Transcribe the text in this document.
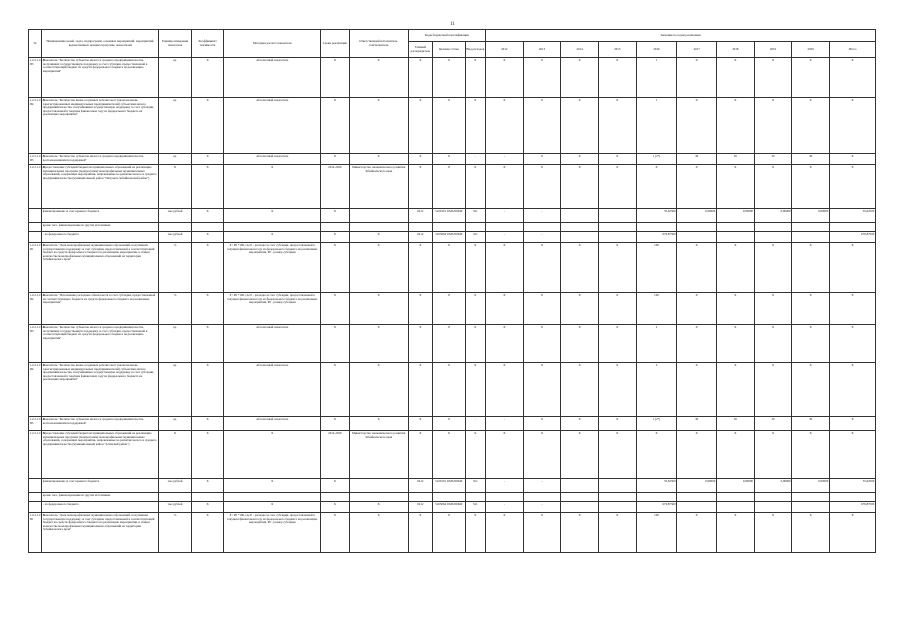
11
№	Наименование целей, задач, подпрограмм, основных мероприятий, мероприятий, ведомственных целевых программ, показателей	Единица измерения показателя	Коэффициент значимости	Методика расчета показателя	Сроки реализации	Ответственный исполнитель, соисполнитель	Коды бюджетной классификации			Значения по годам реализации									
							Главный распорядитель	Целевая статья	Вид расходов	2012	2013	2014	2015	2016	2017	2018	2019	2020	Итого
1.2.2.1.15.3 П3	Показатель "Количество субъектов малого и среднего предпринимательства, получивших государственную поддержку за счет субсидии, предоставленной в соответствующий бюджет из средств федерального бюджета на реализацию мероприятия"	ед.	X	Абсолютный показатель	X	X	X	X	X	X	X	X	X	1	X	X	X	X	X
1.2.2.1.15.3 П4	Показатель "Количество вновь созданных рабочих мест (включая вновь зарегистрированных индивидуальных предпринимателей) субъектами малого предпринимательства, получившими государственную поддержку за счет субсидии, предоставленной в текущем финансовом году из федерального бюджета на реализацию мероприятия"	ед.	X	Абсолютный показатель	X	X	X	X	X	X	X	X	X	1	X	X	X	X	X
1.2.2.1.15.3 П5	Показатель "Количество субъектов малого и среднего предпринимательства, воспользовавшихся поддержкой"	ед.	X	Абсолютный показатель	X	X	X	X	-	-	X	X	X	1 (2*)	30	30	30	30	X
1.2.2.1.15.4	Предоставление субсидий бюджетам муниципальных образований на реализацию муниципальных программ (подпрограмм) монопрофильных муниципальных образований, содержащих мероприятия, направленные на развитие малого и среднего предпринимательства (муниципальный район "Петровск-Забайкальский район")	X	X	X	2014-2020	Министерство экономического развития Забайкальского края	X	X	X	X	X	X	X	X	X	X	X	X	X
	финансирование за счет краевого бюджета	тыс.рублей	X	X	X		0412	5220101 0320250040	521	-	-			35,62500	0,00000	0,00000	0,00000	0,00000	35,62500
	кроме того, финансирование из других источников:																		
	- из федерального бюджета	тыс.рублей	X	X	X	X	0412	5455064 0320250640	521	-	-			676,87500					676,87500
1.2.2.1.15.4 П1	Показатель "Доля монопрофильных муниципальных образований, получивших государственную поддержку за счет субсидии, предоставленной в соответствующий бюджет из средств федерального бюджета на реализацию мероприятия, в общем количестве монопрофильных муниципальных образований на территории Забайкальского края"	%	X	Р / Р0 *100, где Р - расходы за счет субсидии, предоставленной в текущем финансовом году из федерального бюджета на реализацию мероприятия, Р0 - размер субсидии	X	X	X	X	X	X	X	X	X	100	X	X	X	X	X
1.2.2.1.15.4 П2	Показатель "Исполнение расходных обязательств за счет субсидии, предоставленной из соответствующего бюджета из средств федерального бюджета на реализацию мероприятия"	%	X	Р / Р0 *100, где Р - расходы за счет субсидии, предоставленной в текущем финансовом году из федерального бюджета на реализацию мероприятия, Р0 - размер субсидии	X	X	X	X	X	X	X	X	X	100	X	X	X	X	X
1.2.2.1.15.4 П3	Показатель "Количество субъектов малого и среднего предпринимательства, получивших государственную поддержку за счет субсидии, предоставленной в соответствующий бюджет из средств федерального бюджета на реализацию мероприятия"	ед.	X	Абсолютный показатель	X	X	X	X	X	X	X	X	X	2	X	X	X	X	X
1.2.2.1.15.4 П4	Показатель "Количество вновь созданных рабочих мест (включая вновь зарегистрированных индивидуальных предпринимателей) субъектами малого предпринимательства, получившими государственную поддержку за счет субсидии, предоставленной в текущем финансовом году из федерального бюджета на реализацию мероприятия"	ед.	X	Абсолютный показатель	X	X	X	X	X	X	X	X	X	2	X	X	X	X	X
1.2.2.1.15.4 П5	Показатель "Количество субъектов малого и среднего предпринимательства, воспользовавшихся поддержкой"	ед.	X	Абсолютный показатель	X	X	X	X	-	-	X	X	X	1 (2*)	30	30	30	30	X
1.2.2.1.15.5	Предоставление субсидий бюджетам муниципальных образований на реализацию муниципальных программ (подпрограмм) монопрофильных муниципальных образований, содержащих мероприятия, направленные на развитие малого и среднего предпринимательства (муниципальный район "Агинский район")	X	X	X	2014-2020	Министерство экономического развития Забайкальского края	X	X	X	X	X	X	X	X	X	X	X	X	X
	финансирование за счет краевого бюджета	тыс.рублей	X	X	X		0412	5220101 0320250040	521	-	-			35,62500	0,00000	0,00000	0,00000	0,00000	35,62500
	кроме того, финансирование из других источников:																		
	- из федерального бюджета	тыс.рублей	X	X	X	X	0412	5455064 0320250640	521	-	-			676,87500					676,87500
1.2.2.1.15.5 П1	Показатель "Доля монопрофильных муниципальных образований, получивших государственную поддержку за счет субсидии, предоставленной в соответствующий бюджет из средств федерального бюджета на реализацию мероприятия, в общем количестве монопрофильных муниципальных образований на территории Забайкальского края"	%	X	Р / Р0 *100, где Р - расходы за счет субсидии, предоставленной в текущем финансовом году из федерального бюджета на реализацию мероприятия, Р0 - размер субсидии	X	X	X	X	X	X	X	X	X	100	X	X	X	X	X
